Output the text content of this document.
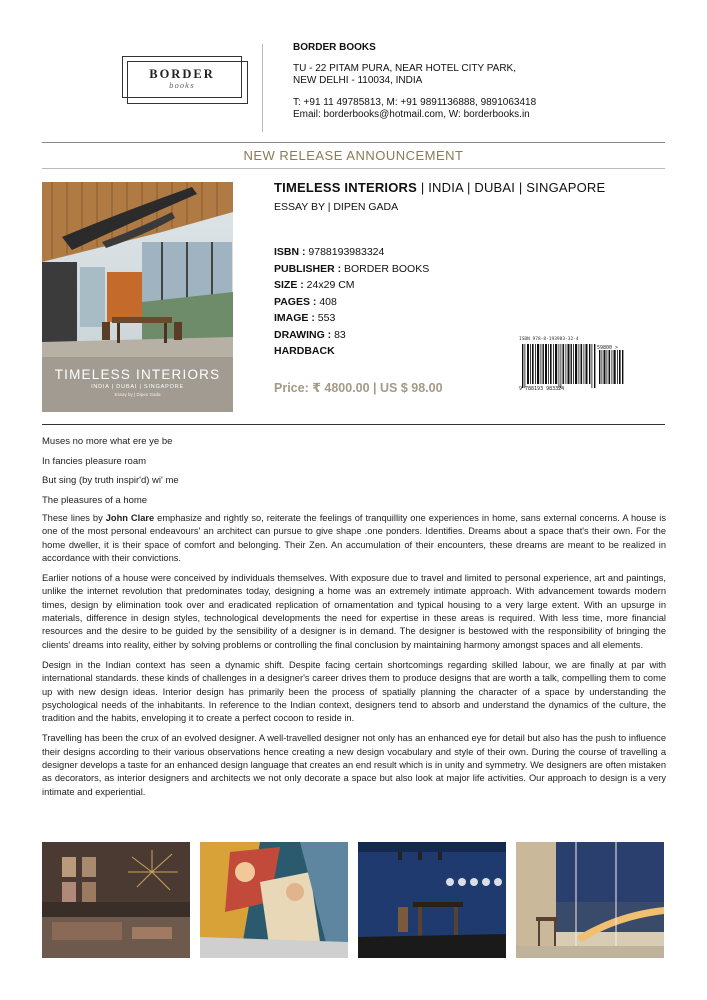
BORDER
books
BORDER BOOKS
TU - 22 PITAM PURA, NEAR HOTEL CITY PARK,
NEW DELHI - 110034, INDIA
T: +91 11 49785813, M: +91 9891136888, 9891063418
Email: borderbooks@hotmail.com, W: borderbooks.in
NEW RELEASE ANNOUNCEMENT
TIMELESS INTERIORS
INDIA | DUBAI | SINGAPORE
Essay by | Dipen Gada
TIMELESS INTERIORS | INDIA | DUBAI | SINGAPORE
ESSAY BY | DIPEN GADA
ISBN : 9788193983324
PUBLISHER : BORDER BOOKS
SIZE : 24x29 CM
PAGES : 408
IMAGE : 553
DRAWING : 83
HARDBACK
Price: ₹ 4800.00 | US $ 98.00
ISBN 978-8-193983-32-4
59800 >
9 788193 983324
Muses no more what ere ye be
In fancies pleasure roam
But sing (by truth inspir'd) wi' me
The pleasures of a home

These lines by John Clare emphasize and rightly so, reiterate the feelings of tranquillity one experiences in home, sans external concerns. A house is one of the most personal endeavours' an architect can pursue to give shape .one ponders. Identifies. Dreams about a space that's their own. For the home dweller, it is their space of comfort and belonging. Their Zen. An accumulation of their encounters, these dreams are meant to be realized in accordance with their convictions.

Earlier notions of a house were conceived by individuals themselves. With exposure due to travel and limited to personal experience, art and paintings, unlike the internet revolution that predominates today, designing a home was an extremely intimate approach. With advancement towards modern times, design by elimination took over and eradicated replication of ornamentation and typical housing to a very large extent. With an upsurge in materials, difference in design styles, technological developments the need for expertise in these areas is required. With less time, more financial resources and the desire to be guided by the sensibility of a designer is in demand. The designer is bestowed with the responsibility of bringing the clients' dreams into reality, either by solving problems or controlling the final conclusion by maintaining harmony amongst spaces and all elements.

Design in the Indian context has seen a dynamic shift. Despite facing certain shortcomings regarding skilled labour, we are finally at par with international standards. these kinds of challenges in a designer's career drives them to produce designs that are worth a talk, compelling them to come up with new design ideas. Interior design has primarily been the process of spatially planning the character of a space by understanding the psychological needs of the inhabitants. In reference to the Indian context, designers tend to absorb and understand the dynamics of the culture, the tradition and the habits, enveloping it to create a perfect cocoon to reside in.

Travelling has been the crux of an evolved designer. A well-travelled designer not only has an enhanced eye for detail but also has the push to influence their designs according to their various observations hence creating a new design vocabulary and style of their own. During the course of travelling a designer develops a taste for an enhanced design language that creates an end result which is in unity and symmetry. We designers are often mistaken as decorators, as interior designers and architects we not only decorate a space but also look at major life activities. Our approach to design is a very intimate and experiential.
